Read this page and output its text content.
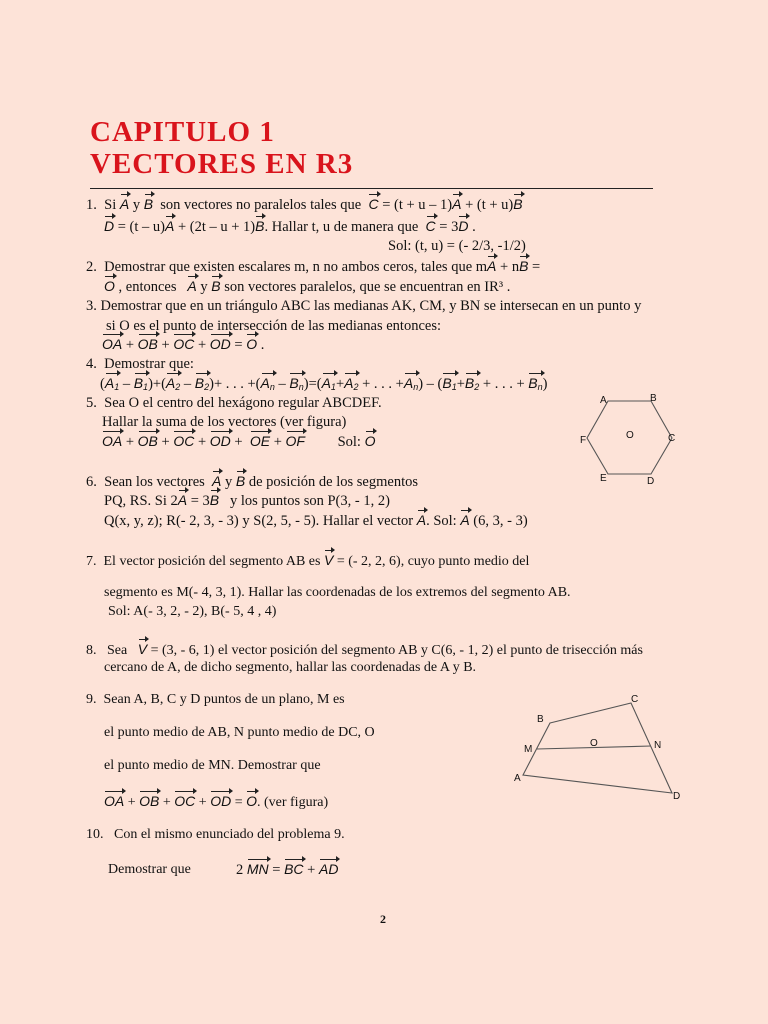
CAPITULO 1
VECTORES EN R3
1. Si A y B son vectores no paralelos tales que C = (t + u – 1)A + (t + u)B
D = (t – u)A + (2t – u + 1)B. Hallar t, u de manera que C = 3D .
Sol: (t, u) = (- 2/3, -1/2)
2. Demostrar que existen escalares m, n no ambos ceros, tales que mA + nB =
O , entonces A y B son vectores paralelos, que se encuentran en IR³ .
3. Demostrar que en un triángulo ABC las medianas AK, CM, y BN se intersecan en un punto y
si O es el punto de intersección de las medianas entonces:
OA + OB + OC + OD = O .
4. Demostrar que:
$(A_1 - B_1)+(A_2 - B_2)+$ . . . $+(A_n - B_n)=(A_1+A_2$ + . . . $+A_n) - (B_1+B_2$ + . . . + $B_n$)
5. Sea O el centro del hexágono regular ABCDEF.
Hallar la suma de los vectores (ver figura)
OA + OB + OC + OD +  OE + OF Sol: O
A	B
C
D
E
F	O
6. Sean los vectores A y B de posición de los segmentos
PQ, RS. Si 2A = 3B y los puntos son P(3, - 1, 2)
Q(x, y, z); R(- 2, 3, - 3) y S(2, 5, - 5). Hallar el vector A. Sol: A (6, 3, - 3)
7. El vector posición del segmento AB es V = (- 2, 2, 6), cuyo punto medio del
segmento es M(- 4, 3, 1). Hallar las coordenadas de los extremos del segmento AB.
Sol: A(- 3, 2, - 2), B(- 5, 4 , 4)
8. Sea V = (3, - 6, 1) el vector posición del segmento AB y C(6, - 1, 2) el punto de trisección más
cercano de A, de dicho segmento, hallar las coordenadas de A y B.
9. Sean A, B, C y D puntos de un plano, M es
el punto medio de AB, N punto medio de DC, O
el punto medio de MN. Demostrar que
OA + OB + OC + OD = O. (ver figura)
B
C
A
D
M	N
O
10. Con el mismo enunciado del problema 9.
Demostrar que	2 MN = BC + AD
2
